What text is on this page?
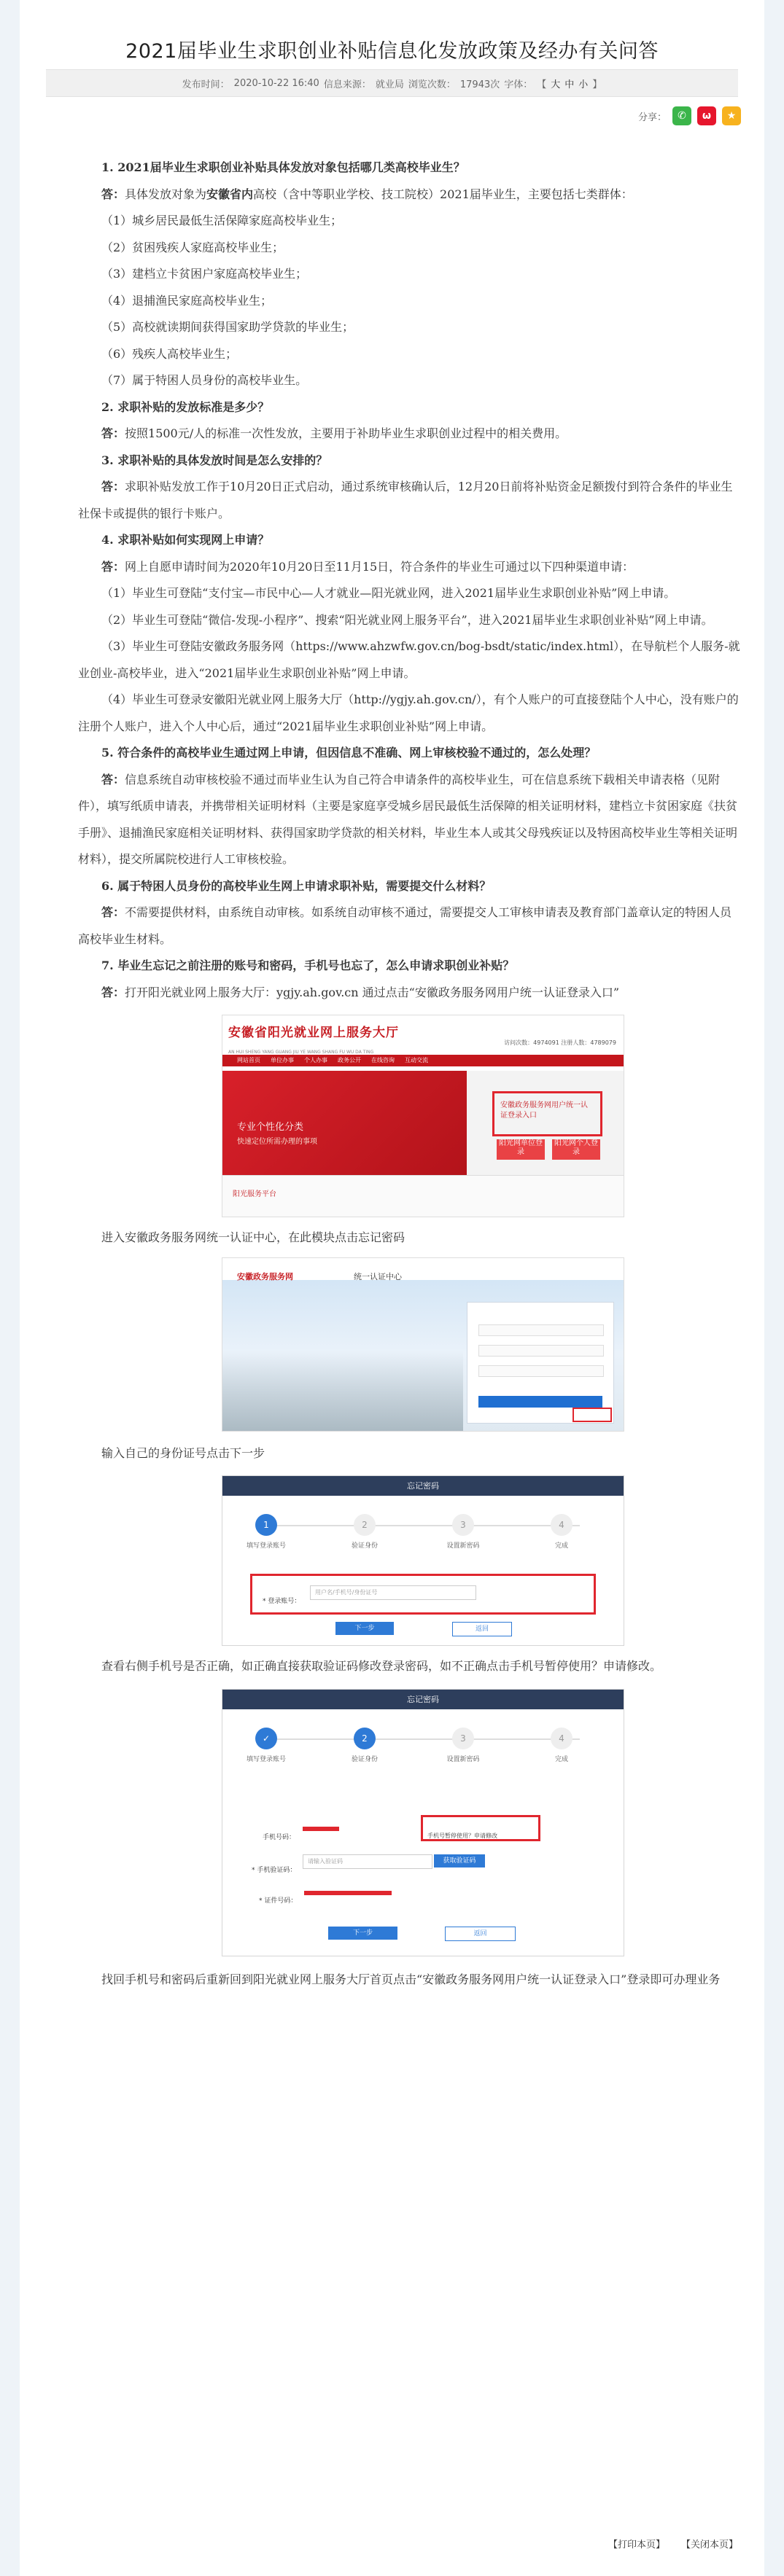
2021届毕业生求职创业补贴信息化发放政策及经办有关问答
发布时间： 2020-10-22 16:40 信息来源： 就业局 浏览次数： 17943次 字体： 【 大 中 小 】
分享：	✆	ω	★

1. 2021届毕业生求职创业补贴具体发放对象包括哪几类高校毕业生？

答：具体发放对象为安徽省内高校（含中等职业学校、技工院校）2021届毕业生，主要包括七类群体：

（1）城乡居民最低生活保障家庭高校毕业生；

（2）贫困残疾人家庭高校毕业生；

（3）建档立卡贫困户家庭高校毕业生；

（4）退捕渔民家庭高校毕业生；

（5）高校就读期间获得国家助学贷款的毕业生；

（6）残疾人高校毕业生；

（7）属于特困人员身份的高校毕业生。

2. 求职补贴的发放标准是多少？

答：按照1500元/人的标准一次性发放，主要用于补助毕业生求职创业过程中的相关费用。

3. 求职补贴的具体发放时间是怎么安排的？

答：求职补贴发放工作于10月20日正式启动，通过系统审核确认后，12月20日前将补贴资金足额拨付到符合条件的毕业生社保卡或提供的银行卡账户。

4. 求职补贴如何实现网上申请？

答：网上自愿申请时间为2020年10月20日至11月15日，符合条件的毕业生可通过以下四种渠道申请：

（1）毕业生可登陆“支付宝—市民中心—人才就业—阳光就业网，进入2021届毕业生求职创业补贴”网上申请。

（2）毕业生可登陆“微信-发现-小程序”、搜索“阳光就业网上服务平台”，进入2021届毕业生求职创业补贴”网上申请。

（3）毕业生可登陆安徽政务服务网（https://www.ahzwfw.gov.cn/bog-bsdt/static/index.html），在导航栏个人服务-就业创业-高校毕业，进入“2021届毕业生求职创业补贴”网上申请。

（4）毕业生可登录安徽阳光就业网上服务大厅（http://ygjy.ah.gov.cn/），有个人账户的可直接登陆个人中心，没有账户的注册个人账户，进入个人中心后，通过“2021届毕业生求职创业补贴”网上申请。

5. 符合条件的高校毕业生通过网上申请，但因信息不准确、网上审核校验不通过的，怎么处理？

答：信息系统自动审核校验不通过而毕业生认为自己符合申请条件的高校毕业生，可在信息系统下载相关申请表格（见附件），填写纸质申请表，并携带相关证明材料（主要是家庭享受城乡居民最低生活保障的相关证明材料，建档立卡贫困家庭《扶贫手册》、退捕渔民家庭相关证明材料、获得国家助学贷款的相关材料，毕业生本人或其父母残疾证以及特困高校毕业生等相关证明材料），提交所属院校进行人工审核校验。

6. 属于特困人员身份的高校毕业生网上申请求职补贴，需要提交什么材料？

答：不需要提供材料，由系统自动审核。如系统自动审核不通过，需要提交人工审核申请表及教育部门盖章认定的特困人员高校毕业生材料。

7. 毕业生忘记之前注册的账号和密码，手机号也忘了，怎么申请求职创业补贴？

答：打开阳光就业网上服务大厅：ygjy.ah.gov.cn 通过点击“安徽政务服务网用户统一认证登录入口”

安徽省阳光就业网上服务大厅
AN HUI SHENG YANG GUANG JIU YE WANG SHANG FU WU DA TING
访问次数：4974091 注册人数：4789079
网站首页 单位办事 个人办事 政务公开 在线咨询 互动交流
专业个性化分类
快速定位所需办理的事项
安徽政务服务网用户统一认证登录入口
阳光网单位登录
阳光网个人登录
阳光服务平台

进入安徽政务服务网统一认证中心，在此模块点击忘记密码

安徽政务服务网	统一认证中心

输入自己的身份证号点击下一步

忘记密码
1	2	3	4
填写登录账号	验证身份	设置新密码	完成
* 登录账号：
用户名/手机号/身份证号
下一步	返回

查看右侧手机号是否正确，如正确直接获取验证码修改登录密码，如不正确点击手机号暂停使用？申请修改。

忘记密码
✓	2	3	4
填写登录账号	验证身份	设置新密码	完成
手机号码：	手机号暂停使用？申请修改
* 手机验证码：
请输入验证码	获取验证码
* 证件号码：
下一步	返回

找回手机号和密码后重新回到阳光就业网上服务大厅首页点击“安徽政务服务网用户统一认证登录入口”登录即可办理业务

【打印本页】 【关闭本页】
